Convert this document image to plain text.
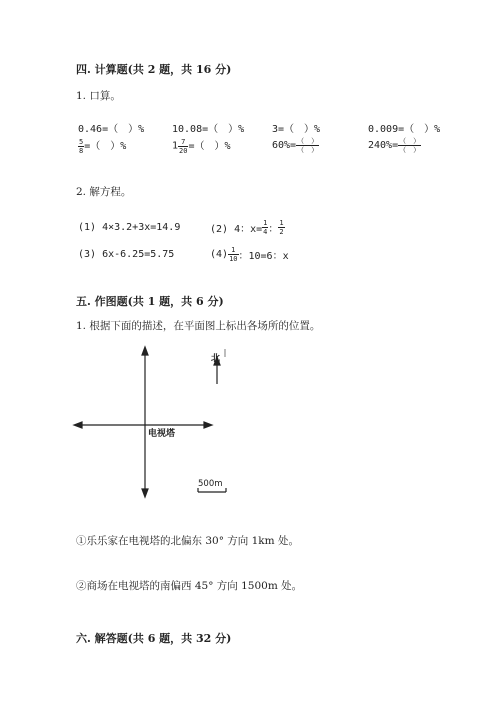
四. 计算题(共 2 题，共 16 分)
1. 口算。
0.46=（　）%	10.08=（　）%	3=（　）%	0.009=（　）%
$\frac{5}{8}$ =（　）%	$1 \frac{7}{20}$ =（　）%	$60\%= \frac{( )}{( )}$	$240\%= \frac{( )}{( )}$
2. 解方程。
(1) 4×3.2+3x=14.9	(2) 4：$x= \frac{1}{4}$ ： $\frac{1}{2}$
(3) 6x-6.25=5.75	$(4) \frac{1}{10}$ ：10=6：x
五. 作图题(共 1 题，共 6 分)
1. 根据下面的描述，在平面图上标出各场所的位置。
北
电视塔
500m
①乐乐家在电视塔的北偏东 30° 方向 1km 处。
②商场在电视塔的南偏西 45° 方向 1500m 处。
六. 解答题(共 6 题，共 32 分)
